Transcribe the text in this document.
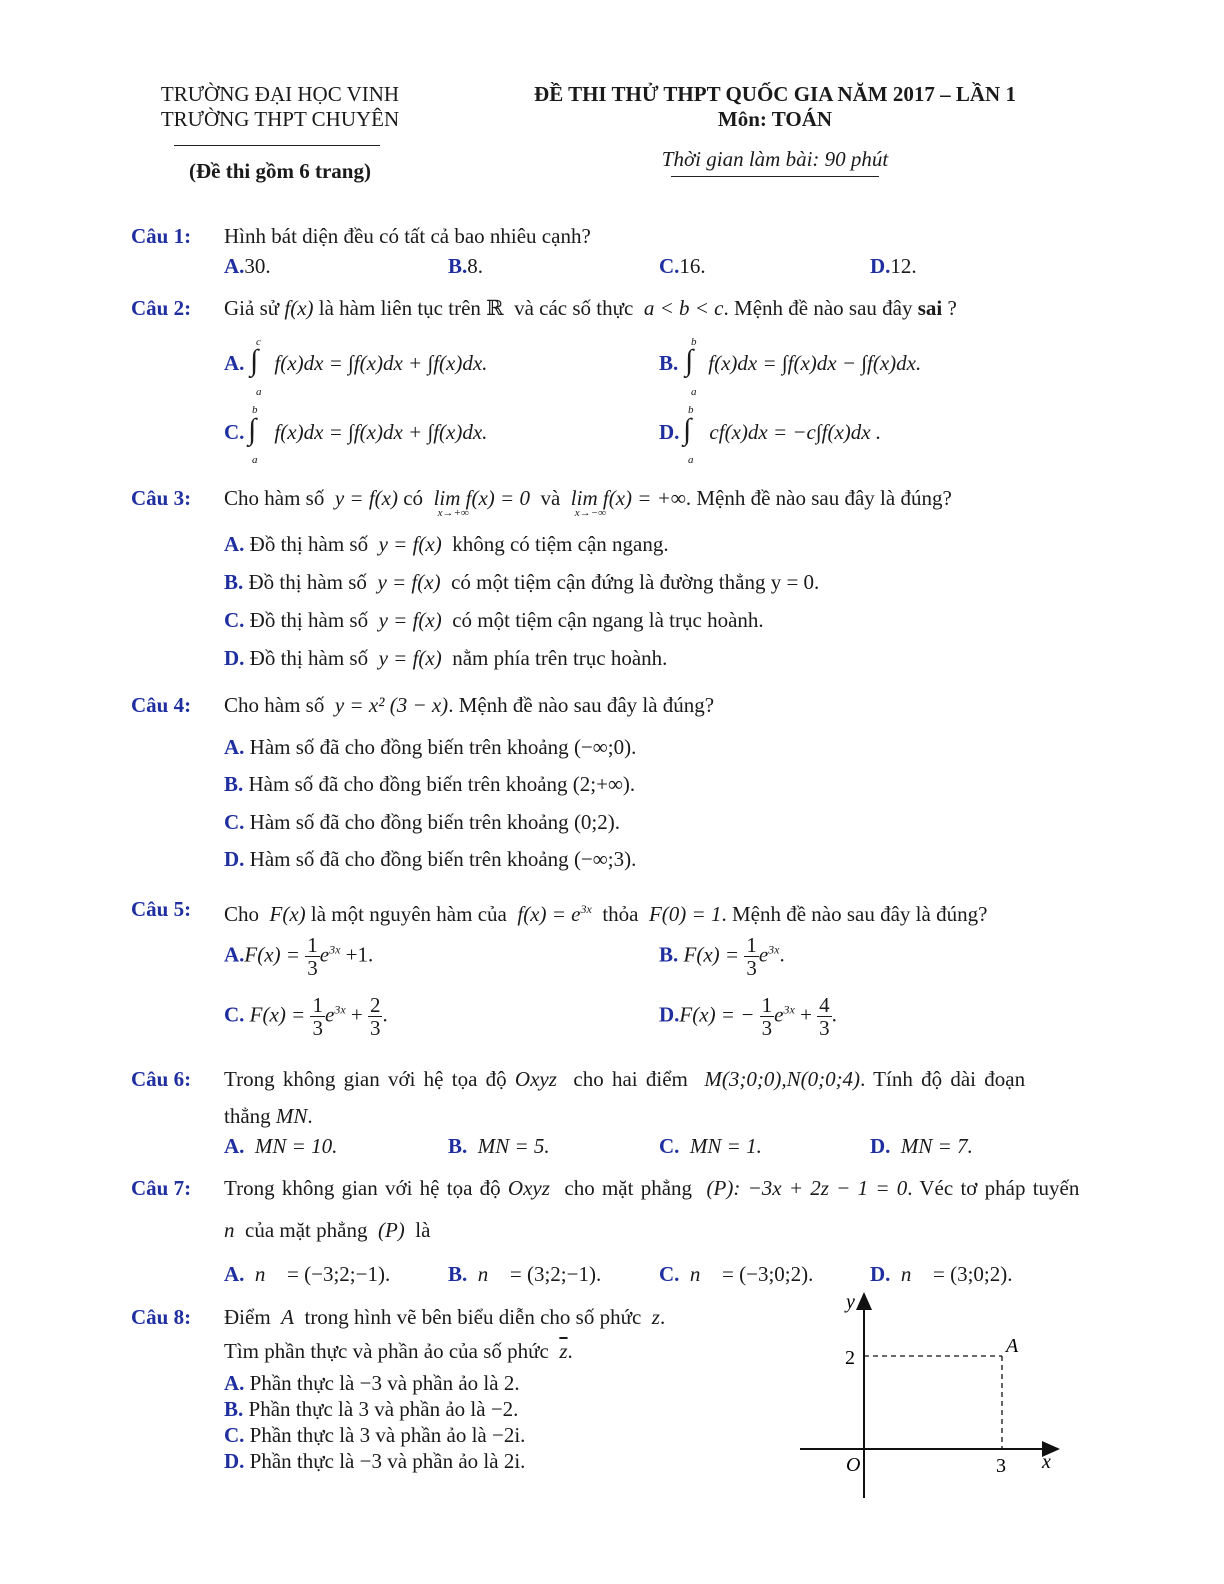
TRƯỜNG ĐẠI HỌC VINH
TRƯỜNG THPT CHUYÊN
(Đề thi gồm 6 trang)
ĐỀ THI THỬ THPT QUỐC GIA NĂM 2017 – LẦN 1
Môn: TOÁN
Thời gian làm bài: 90 phút
Câu 1: Hình bát diện đều có tất cả bao nhiêu cạnh?
A.30.	B.8.	C.16.	D.12.
Câu 2: Giả sử f(x) là hàm liên tục trên ℝ và các số thực a < b < c. Mệnh đề nào sau đây sai ?
A. f(x)dx = ∫f(x)dx + ∫f(x)dx.
∫
c
a
B. f(x)dx = ∫f(x)dx − ∫f(x)dx.
∫
b
a
C. f(x)dx = ∫f(x)dx + ∫f(x)dx.
∫
b
a
D. cf(x)dx = −c∫f(x)dx .
∫
b
a
Câu 3: Cho hàm số y = f(x) có lim f(x) = 0
x→+∞
và lim f(x) = +∞
x→−∞
. Mệnh đề nào sau đây là đúng?
A. Đồ thị hàm số y = f(x) không có tiệm cận ngang.
B. Đồ thị hàm số y = f(x) có một tiệm cận đứng là đường thẳng y = 0.
C. Đồ thị hàm số y = f(x) có một tiệm cận ngang là trục hoành.
D. Đồ thị hàm số y = f(x) nằm phía trên trục hoành.
Câu 4: Cho hàm số y = x² (3 − x). Mệnh đề nào sau đây là đúng?
A. Hàm số đã cho đồng biến trên khoảng (−∞;0).
B. Hàm số đã cho đồng biến trên khoảng (2;+∞).
C. Hàm số đã cho đồng biến trên khoảng (0;2).
D. Hàm số đã cho đồng biến trên khoảng (−∞;3).
Câu 5: Cho F(x) là một nguyên hàm của $f(x) = e^{3x}$ thỏa F(0) = 1. Mệnh đề nào sau đây là đúng?
$A.F(x) = \frac{1}{3} e^{3x} +1$.	B. $F(x) = \frac{1}{3} e^{3x}$.
C. $F(x) = \frac{1}{3} e^{3x} + \frac{2}{3}$ .	D.F(x) = − $\frac{1}{3} e^{3x} + \frac{4}{3}$ .
Câu 6: Trong không gian với hệ tọa độ Oxyz cho hai điểm M(3;0;0),N(0;0;4). Tính độ dài đoạn
thẳng MN.
A. MN = 10.	B. MN = 5.	C. MN = 1.	D. MN = 7.
Câu 7: Trong không gian với hệ tọa độ Oxyz cho mặt phẳng (P): −3x + 2z − 1 = 0. Véc tơ pháp tuyến
n của mặt phẳng (P) là
A. n⃗ = (−3;2;−1).	B. n⃗ = (3;2;−1).	C. n⃗ = (−3;0;2).	D. n⃗ = (3;0;2).
Câu 8: Điểm A trong hình vẽ bên biểu diễn cho số phức z.
Tìm phần thực và phần ảo của số phức $\overline{z}$.
A. Phần thực là −3 và phần ảo là 2.
B. Phần thực là 3 và phần ảo là −2.
C. Phần thực là 3 và phần ảo là −2i.
D. Phần thực là −3 và phần ảo là 2i.
y
x
O
2
3
A
